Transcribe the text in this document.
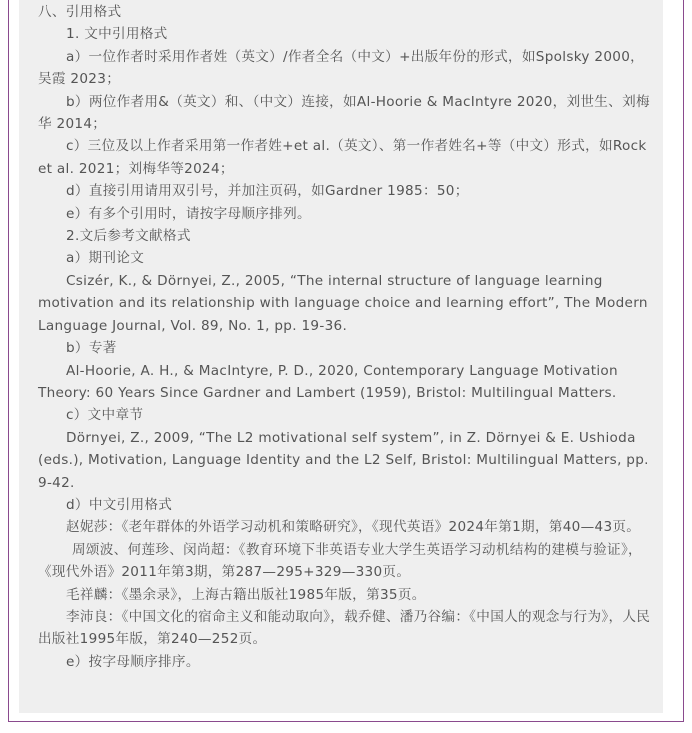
八、引用格式

1. 文中引用格式

a）一位作者时采用作者姓（英文）/作者全名（中文）+出版年份的形式，如Spolsky 2000，吴霞 2023；

b）两位作者用&（英文）和、（中文）连接，如Al-Hoorie & MacIntyre 2020，刘世生、刘梅华 2014；

c）三位及以上作者采用第一作者姓+et al.（英文）、第一作者姓名+等（中文）形式，如Rock et al. 2021；刘梅华等2024；

d）直接引用请用双引号，并加注页码，如Gardner 1985：50；

e）有多个引用时，请按字母顺序排列。

2.文后参考文献格式

a）期刊论文

Csizér, K., & Dörnyei, Z., 2005, “The internal structure of language learning motivation and its relationship with language choice and learning effort”, The Modern Language Journal, Vol. 89, No. 1, pp. 19-36.

b）专著

Al-Hoorie, A. H., & MacIntyre, P. D., 2020, Contemporary Language Motivation Theory: 60 Years Since Gardner and Lambert (1959), Bristol: Multilingual Matters.

c）文中章节

Dörnyei, Z., 2009, “The L2 motivational self system”, in Z. Dörnyei & E. Ushioda (eds.), Motivation, Language Identity and the L2 Self, Bristol: Multilingual Matters, pp. 9-42.

d）中文引用格式

赵妮莎：《老年群体的外语学习动机和策略研究》，《现代英语》2024年第1期，第40—43页。

周颂波、何莲珍、闵尚超：《教育环境下非英语专业大学生英语学习动机结构的建模与验证》，《现代外语》2011年第3期，第287—295+329—330页。

毛祥麟：《墨余录》，上海古籍出版社1985年版，第35页。

李沛良：《中国文化的宿命主义和能动取向》，载乔健、潘乃谷编：《中国人的观念与行为》，人民出版社1995年版，第240—252页。

e）按字母顺序排序。
